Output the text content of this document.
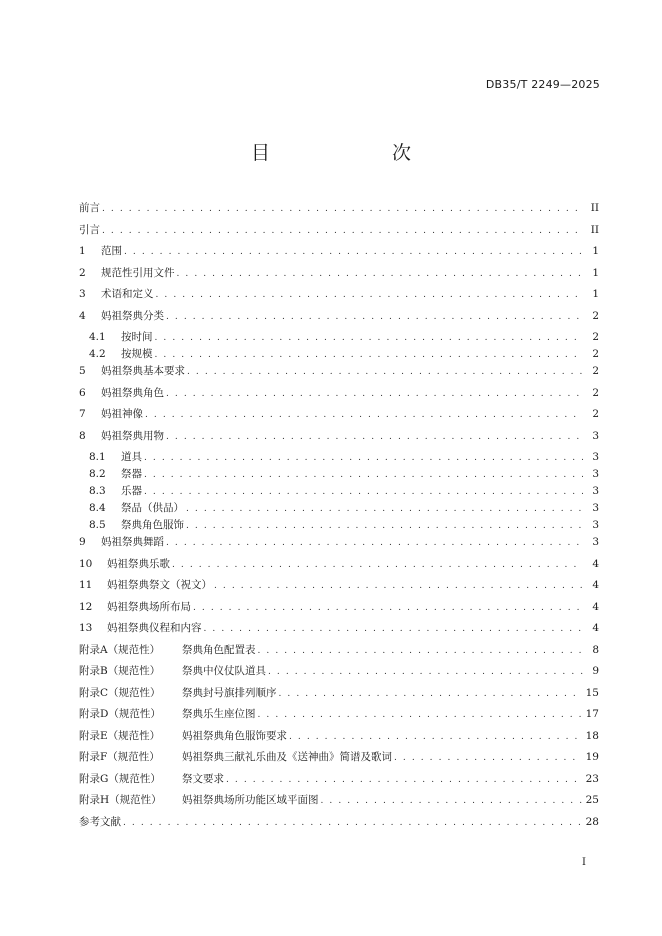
DB35/T 2249—2025
目　　次
前言 . . .	II
引言 . . .	II
1	范围 . . .	1
2	规范性引用文件 . . .	1
3	术语和定义 . . .	1
4	妈祖祭典分类 . . .	2
4.1	按时间 . . .	2
4.2	按规模 . . .	2
5	妈祖祭典基本要求 . . .	2
6	妈祖祭典角色 . . .	2
7	妈祖神像 . . .	2
8	妈祖祭典用物 . . .	3
8.1	道具 . . .	3
8.2	祭器 . . .	3
8.3	乐器 . . .	3
8.4	祭品（供品） . . .	3
8.5	祭典角色服饰 . . .	3
9	妈祖祭典舞蹈 . . .	3
10	妈祖祭典乐歌 . . .	4
11	妈祖祭典祭文（祝文） . . .	4
12	妈祖祭典场所布局 . . .	4
13	妈祖祭典仪程和内容 . . .	4
附录A（规范性）	祭典角色配置表 . . .	8
附录B（规范性）	祭典中仪仗队道具 . . .	9
附录C（规范性）	祭典封号旗排列顺序 . . .	15
附录D（规范性）	祭典乐生座位图 . . .	17
附录E（规范性）	妈祖祭典角色服饰要求 . . .	18
附录F（规范性）	妈祖祭典三献礼乐曲及《送神曲》简谱及歌词 . . .	19
附录G（规范性）	祭文要求 . . .	23
附录H（规范性）	妈祖祭典场所功能区域平面图 . . .	25
参考文献 . . .	28
I
